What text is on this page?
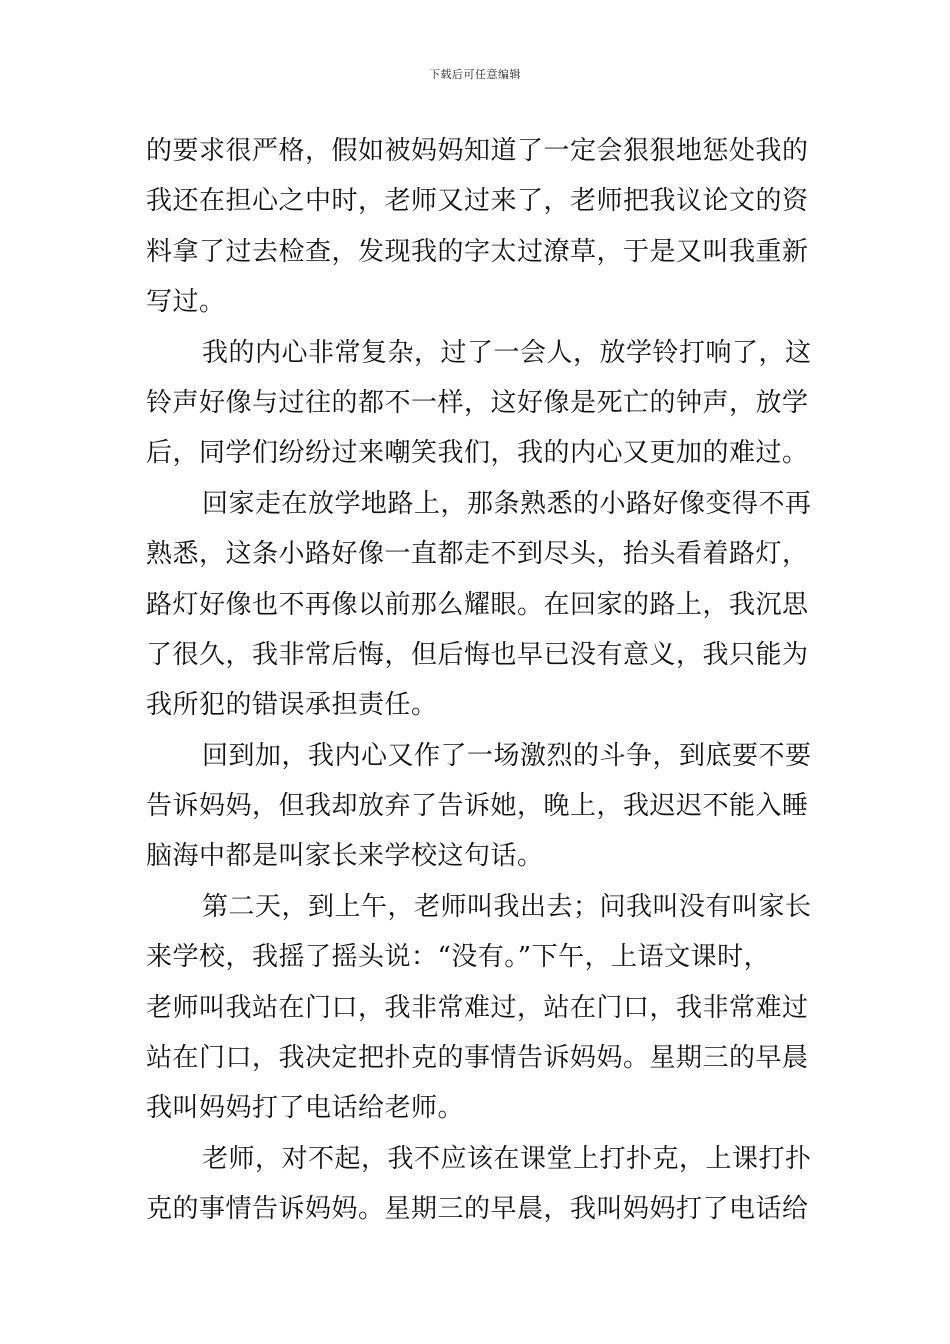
下载后可任意编辑
的要求很严格，假如被妈妈知道了一定会狠狠地惩处我的
我还在担心之中时，老师又过来了，老师把我议论文的资
料拿了过去检查，发现我的字太过潦草，于是又叫我重新
写过。
我的内心非常复杂，过了一会人，放学铃打响了，这
铃声好像与过往的都不一样，这好像是死亡的钟声，放学
后，同学们纷纷过来嘲笑我们，我的内心又更加的难过。
回家走在放学地路上，那条熟悉的小路好像变得不再
熟悉，这条小路好像一直都走不到尽头，抬头看着路灯，
路灯好像也不再像以前那么耀眼。在回家的路上，我沉思
了很久，我非常后悔，但后悔也早已没有意义，我只能为
我所犯的错误承担责任。
回到加，我内心又作了一场激烈的斗争，到底要不要
告诉妈妈，但我却放弃了告诉她，晚上，我迟迟不能入睡
脑海中都是叫家长来学校这句话。
第二天，到上午，老师叫我出去；问我叫没有叫家长
来学校，我摇了摇头说：“没有。”下午，上语文课时，
老师叫我站在门口，我非常难过，站在门口，我非常难过
站在门口，我决定把扑克的事情告诉妈妈。星期三的早晨
我叫妈妈打了电话给老师。
老师，对不起，我不应该在课堂上打扑克，上课打扑
克的事情告诉妈妈。星期三的早晨，我叫妈妈打了电话给
